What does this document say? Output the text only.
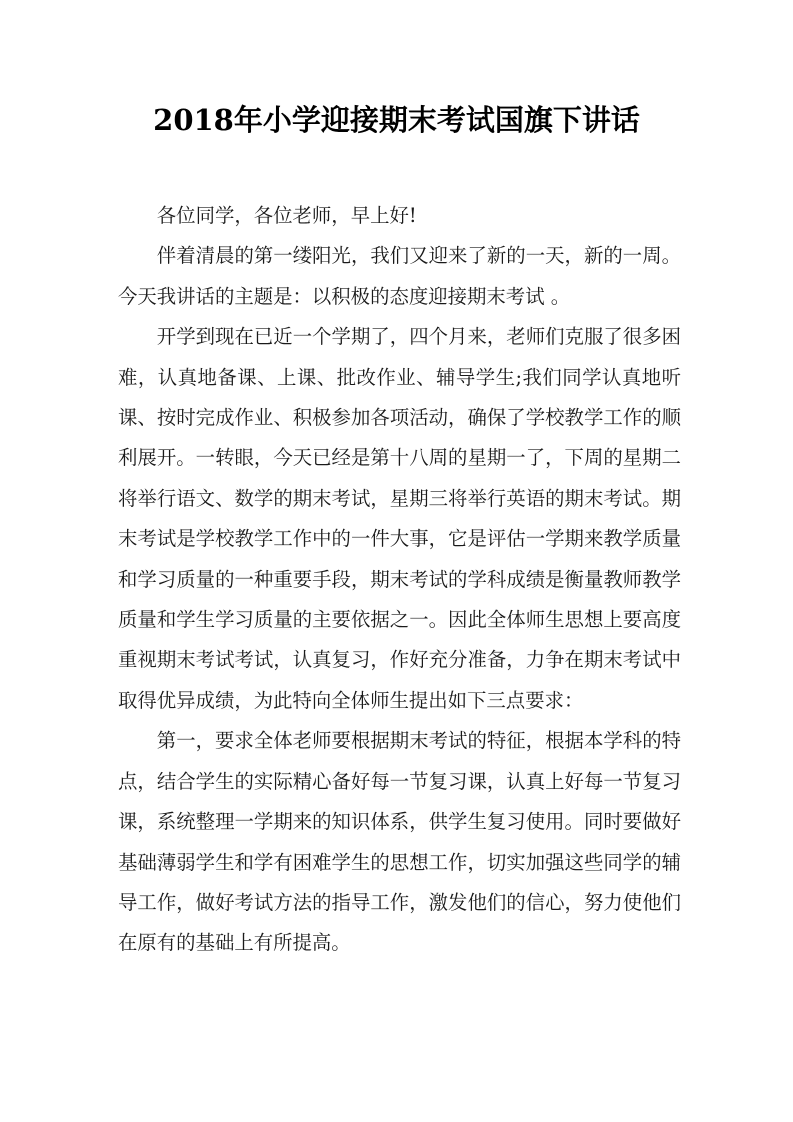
2018年小学迎接期末考试国旗下讲话

各位同学，各位老师，早上好!

伴着清晨的第一缕阳光，我们又迎来了新的一天，新的一周。今天我讲话的主题是：以积极的态度迎接期末考试 。

开学到现在已近一个学期了，四个月来，老师们克服了很多困难，认真地备课、上课、批改作业、辅导学生;我们同学认真地听课、按时完成作业、积极参加各项活动，确保了学校教学工作的顺利展开。一转眼，今天已经是第十八周的星期一了，下周的星期二将举行语文、数学的期末考试，星期三将举行英语的期末考试。期末考试是学校教学工作中的一件大事，它是评估一学期来教学质量和学习质量的一种重要手段，期末考试的学科成绩是衡量教师教学质量和学生学习质量的主要依据之一。因此全体师生思想上要高度重视期末考试考试，认真复习，作好充分准备，力争在期末考试中取得优异成绩，为此特向全体师生提出如下三点要求：

第一，要求全体老师要根据期末考试的特征，根据本学科的特点，结合学生的实际精心备好每一节复习课，认真上好每一节复习课，系统整理一学期来的知识体系，供学生复习使用。同时要做好基础薄弱学生和学有困难学生的思想工作，切实加强这些同学的辅导工作，做好考试方法的指导工作，激发他们的信心，努力使他们在原有的基础上有所提高。
